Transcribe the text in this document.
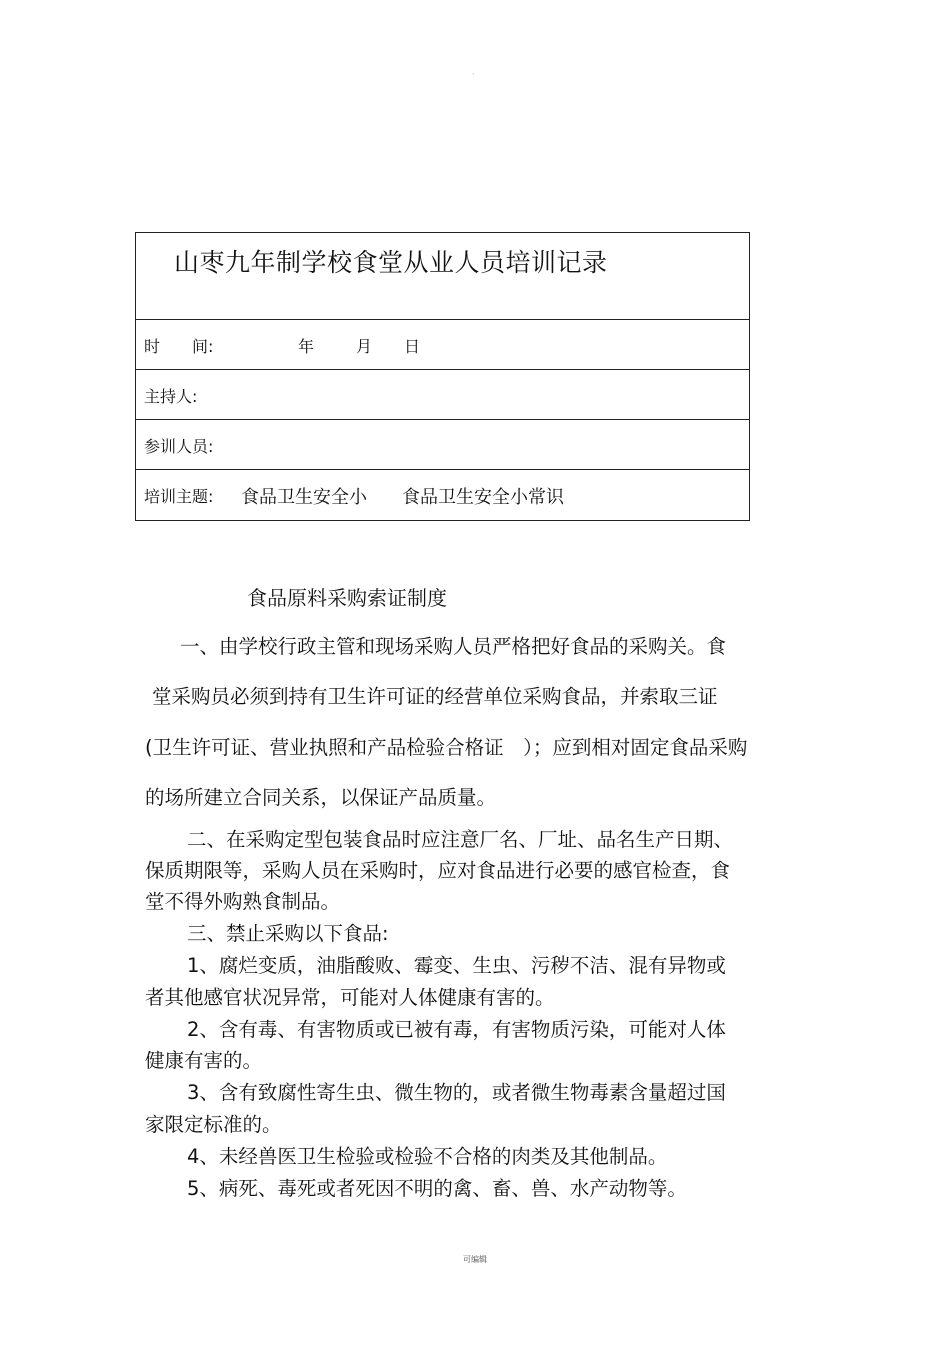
·
山枣九年制学校食堂从业人员培训记录
时　　间:	年	月 日
主持人:
参训人员:
培训主题: 食品卫生安全小 食品卫生安全小常识
食品原料采购索证制度
一、由学校行政主管和现场采购人员严格把好食品的采购关。食
堂采购员必须到持有卫生许可证的经营单位采购食品，并索取三证
(卫生许可证、营业执照和产品检验合格证　）；应到相对固定食品采购
的场所建立合同关系，以保证产品质量。
二、在采购定型包装食品时应注意厂名、厂址、品名生产日期、
保质期限等，采购人员在采购时，应对食品进行必要的感官检查，食
堂不得外购熟食制品。
三、禁止采购以下食品:
1、腐烂变质，油脂酸败、霉变、生虫、污秽不洁、混有异物或
者其他感官状况异常，可能对人体健康有害的。
2、含有毒、有害物质或已被有毒，有害物质污染，可能对人体
健康有害的。
3、含有致腐性寄生虫、微生物的，或者微生物毒素含量超过国
家限定标准的。
4、未经兽医卫生检验或检验不合格的肉类及其他制品。
5、病死、毒死或者死因不明的禽、畜、兽、水产动物等。
可编辑
